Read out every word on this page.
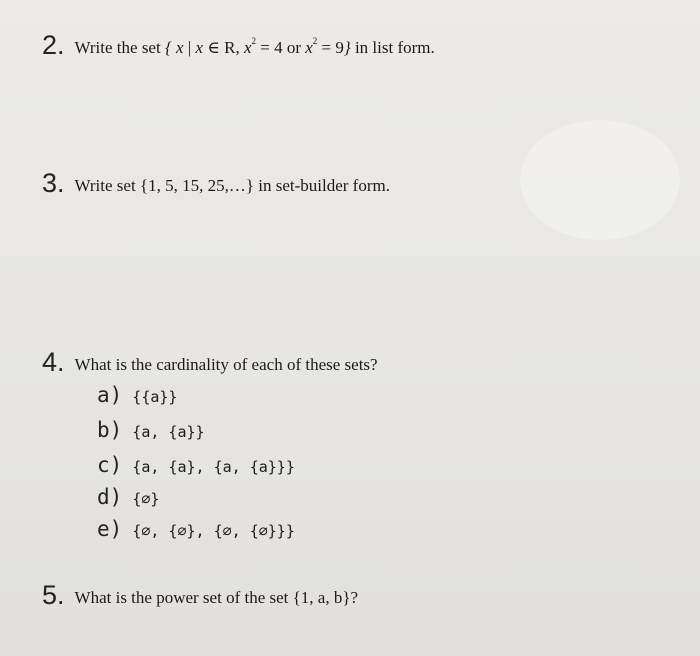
2. Write the set { x | x ∈ R, $x^2 = 4$ or $x^2 = 9$} in list form.
3. Write set {1, 5, 15, 25,…} in set-builder form.
4. What is the cardinality of each of these sets?
a) {{a}}
b) {a, {a}}
c) {a, {a}, {a, {a}}}
d) {∅}
e) {∅, {∅}, {∅, {∅}}}
5. What is the power set of the set {1, a, b}?
